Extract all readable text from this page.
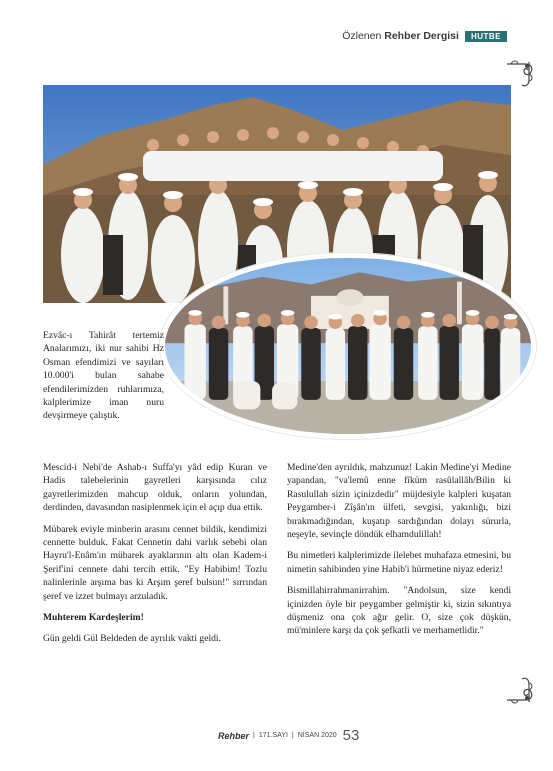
Özlenen Rehber Dergisi	HUTBE
Ezvâc-ı Tahirât tertemiz Analarımızı, iki nur sahibi Hz Osman efendimizi ve sayıları 10.000'i bulan sahabe efendilerimizden ruhlarımıza, kalplerimize iman nuru devşirmeye çalıştık.

Mescid-i Nebi'de Ashab-ı Suffa'yı yâd edip Kuran ve Hadis talebelerinin gayretleri karşısında cılız gayretlerimizden mahcup olduk, onların yolundan, derdinden, davasından nasiplenmek için el açıp dua ettik.

Mübarek eviyle minberin arasını cennet bildik, kendimizi cennette bulduk. Fakat Cennetin dahi varlık sebebi olan Hayru'l-Enâm'ın mübarek ayaklarının altı olan Kadem-i Şerif'ini cennete dahi tercih ettik. "Ey Habibim! Tozlu nalinlerinle arşıma bas ki Arşım şeref bulsun!" sırrından şeref ve izzet bulmayı arzuladık.

Muhterem Kardeşlerim!

Gün geldi Gül Beldeden de ayrılık vakti geldi.

Medine'den ayrıldık, mahzunuz! Lakin Medine'yi Medine yapandan, "va'lemû enne fîküm rasûlallâh/Bilin ki Rasulullah sizin içinizdedir" müjdesiyle kalpleri kuşatan Peygamber-i Zîşân'ın ülfeti, sevgisi, yakınlığı, bizi bırakmadığından, kuşatıp sardığından dolayı sürurla, neşeyle, sevinçle döndük elhamdulillah!

Bu nimetleri kalplerimizde ilelebet muhafaza etmesini, bu nimetin sahibinden yine Habib'i hürmetine niyaz ederiz!

Bismillahirrahmanirrahim. "Andolsun, size kendi içinizden öyle bir peygamber gelmiştir ki, sizin sıkıntıya düşmeniz ona çok ağır gelir. O, size çok düşkün, mü'minlere karşı da çok şefkatli ve merhametlidir."

Rehber | 171.SAYI | NİSAN 2020 53
